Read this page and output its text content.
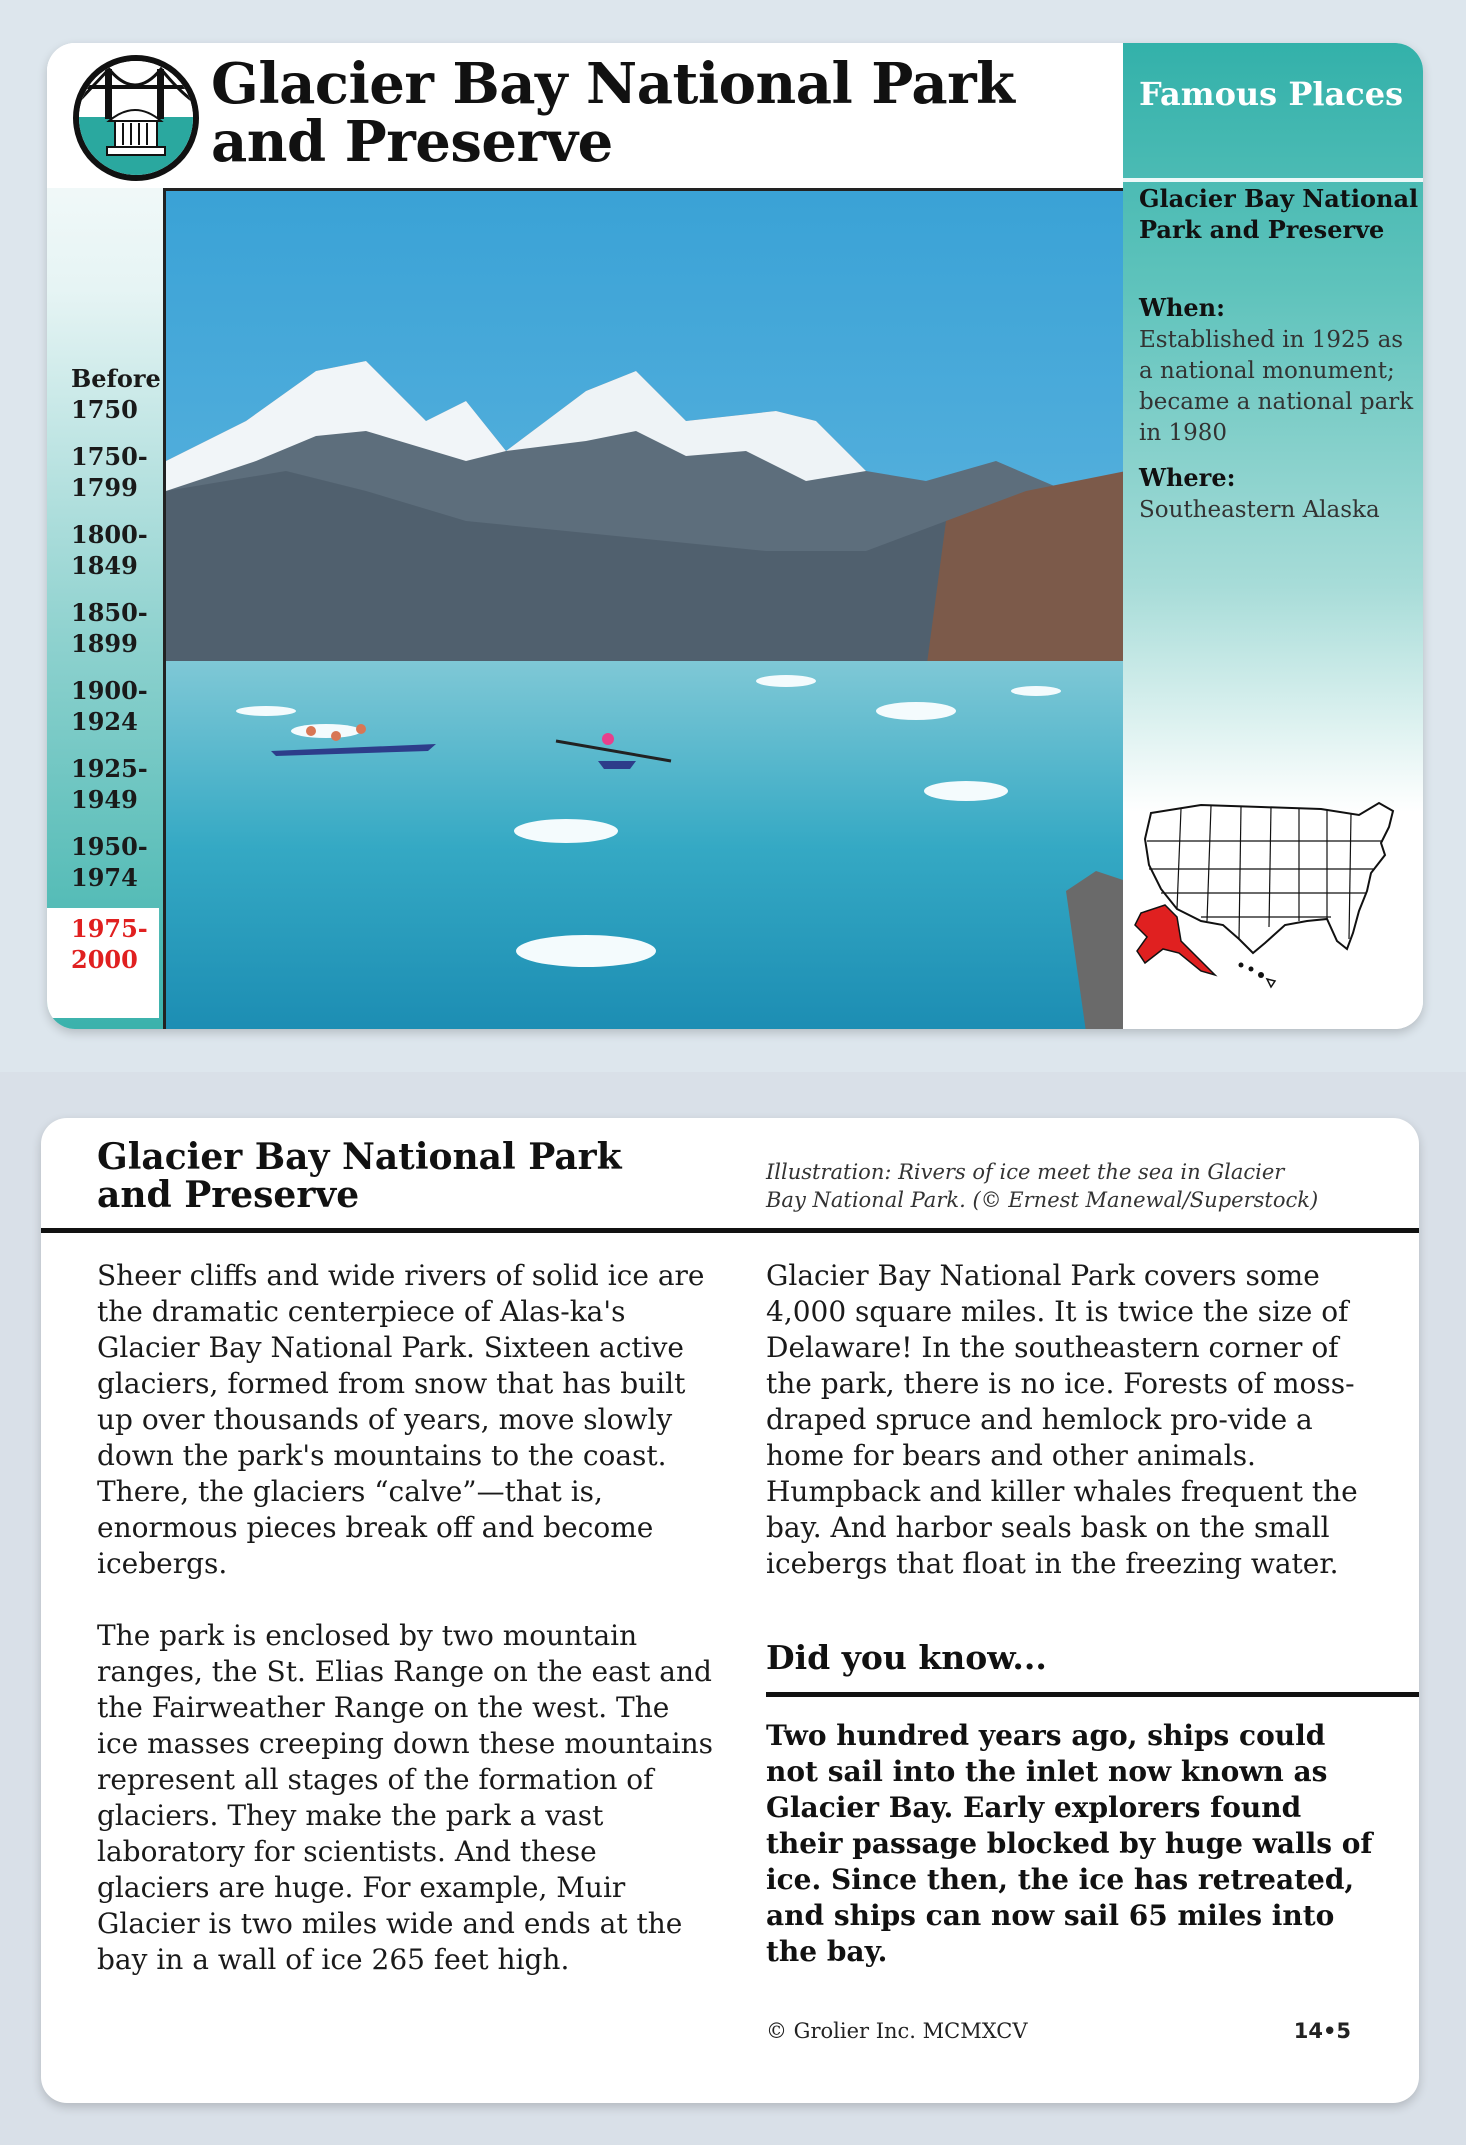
Glacier Bay National Park and Preserve
Before
1750
1750-
1799
1800-
1849
1850-
1899
1900-
1924
1925-
1949
1950-
1974
1975-
2000
Famous Places
Glacier Bay National Park and Preserve
When:
Established in 1925 as a national monument; became a national park in 1980
Where:
Southeastern Alaska
Glacier Bay National Park and Preserve
Illustration: Rivers of ice meet the sea in Glacier Bay National Park. (© Ernest Manewal/Superstock)

Sheer cliffs and wide rivers of solid ice are the dramatic centerpiece of Alas-ka's Glacier Bay National Park. Sixteen active glaciers, formed from snow that has built up over thousands of years, move slowly down the park's mountains to the coast. There, the glaciers “calve”—that is, enormous pieces break off and become icebergs.

The park is enclosed by two mountain ranges, the St. Elias Range on the east and the Fairweather Range on the west. The ice masses creeping down these mountains represent all stages of the formation of glaciers. They make the park a vast laboratory for scientists. And these glaciers are huge. For example, Muir Glacier is two miles wide and ends at the bay in a wall of ice 265 feet high.

Glacier Bay National Park covers some 4,000 square miles. It is twice the size of Delaware! In the southeastern corner of the park, there is no ice. Forests of moss-draped spruce and hemlock pro-vide a home for bears and other animals. Humpback and killer whales frequent the bay. And harbor seals bask on the small icebergs that float in the freezing water.

Did you know...
Two hundred years ago, ships could not sail into the inlet now known as Glacier Bay. Early explorers found their passage blocked by huge walls of ice. Since then, the ice has retreated, and ships can now sail 65 miles into the bay.
© Grolier Inc. MCMXCV	14•5
